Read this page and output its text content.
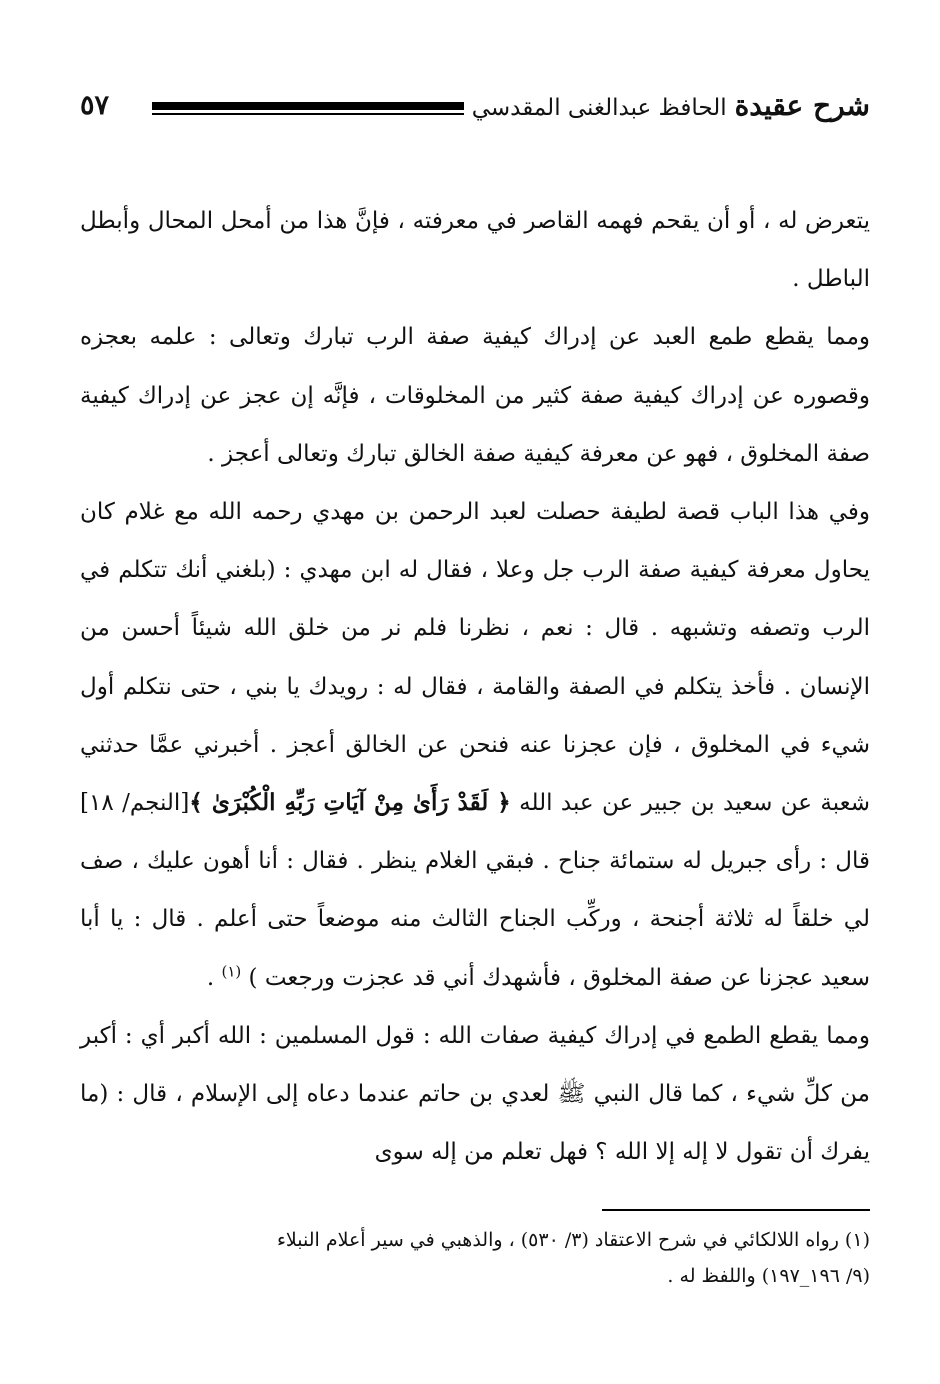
شرح عقيدة الحافظ عبدالغنى المقدسي
٥٧

يتعرض له ، أو أن يقحم فهمه القاصر في معرفته ، فإنَّ هذا من أمحل المحال وأبطل الباطل .

ومما يقطع طمع العبد عن إدراك كيفية صفة الرب تبارك وتعالى : علمه بعجزه وقصوره عن إدراك كيفية صفة كثير من المخلوقات ، فإنَّه إن عجز عن إدراك كيفية صفة المخلوق ، فهو عن معرفة كيفية صفة الخالق تبارك وتعالى أعجز .

وفي هذا الباب قصة لطيفة حصلت لعبد الرحمن بن مهدي رحمه الله مع غلام كان يحاول معرفة كيفية صفة الرب جل وعلا ، فقال له ابن مهدي : (بلغني أنك تتكلم في الرب وتصفه وتشبهه . قال : نعم ، نظرنا فلم نر من خلق الله شيئاً أحسن من الإنسان . فأخذ يتكلم في الصفة والقامة ، فقال له : رويدك يا بني ، حتى نتكلم أول شيء في المخلوق ، فإن عجزنا عنه فنحن عن الخالق أعجز . أخبرني عمَّا حدثني شعبة عن سعيد بن جبير عن عبد الله ﴿ لَقَدْ رَأَىٰ مِنْ آيَاتِ رَبِّهِ الْكُبْرَىٰ ﴾[النجم/ ١٨] قال : رأى جبريل له ستمائة جناح . فبقي الغلام ينظر . فقال : أنا أهون عليك ، صف لي خلقاً له ثلاثة أجنحة ، وركِّب الجناح الثالث منه موضعاً حتى أعلم . قال : يا أبا سعيد عجزنا عن صفة المخلوق ، فأشهدك أني قد عجزت ورجعت ) $^{(١)}$ .

ومما يقطع الطمع في إدراك كيفية صفات الله : قول المسلمين : الله أكبر أي : أكبر من كلِّ شيء ، كما قال النبي ﷺ لعدي بن حاتم عندما دعاه إلى الإسلام ، قال : (ما يفرك أن تقول لا إله إلا الله ؟ فهل تعلم من إله سوى

(١) رواه اللالكائي في شرح الاعتقاد (٣/ ٥٣٠) ، والذهبي في سير أعلام النبلاء

(٩/ ١٩٦_١٩٧) واللفظ له .
